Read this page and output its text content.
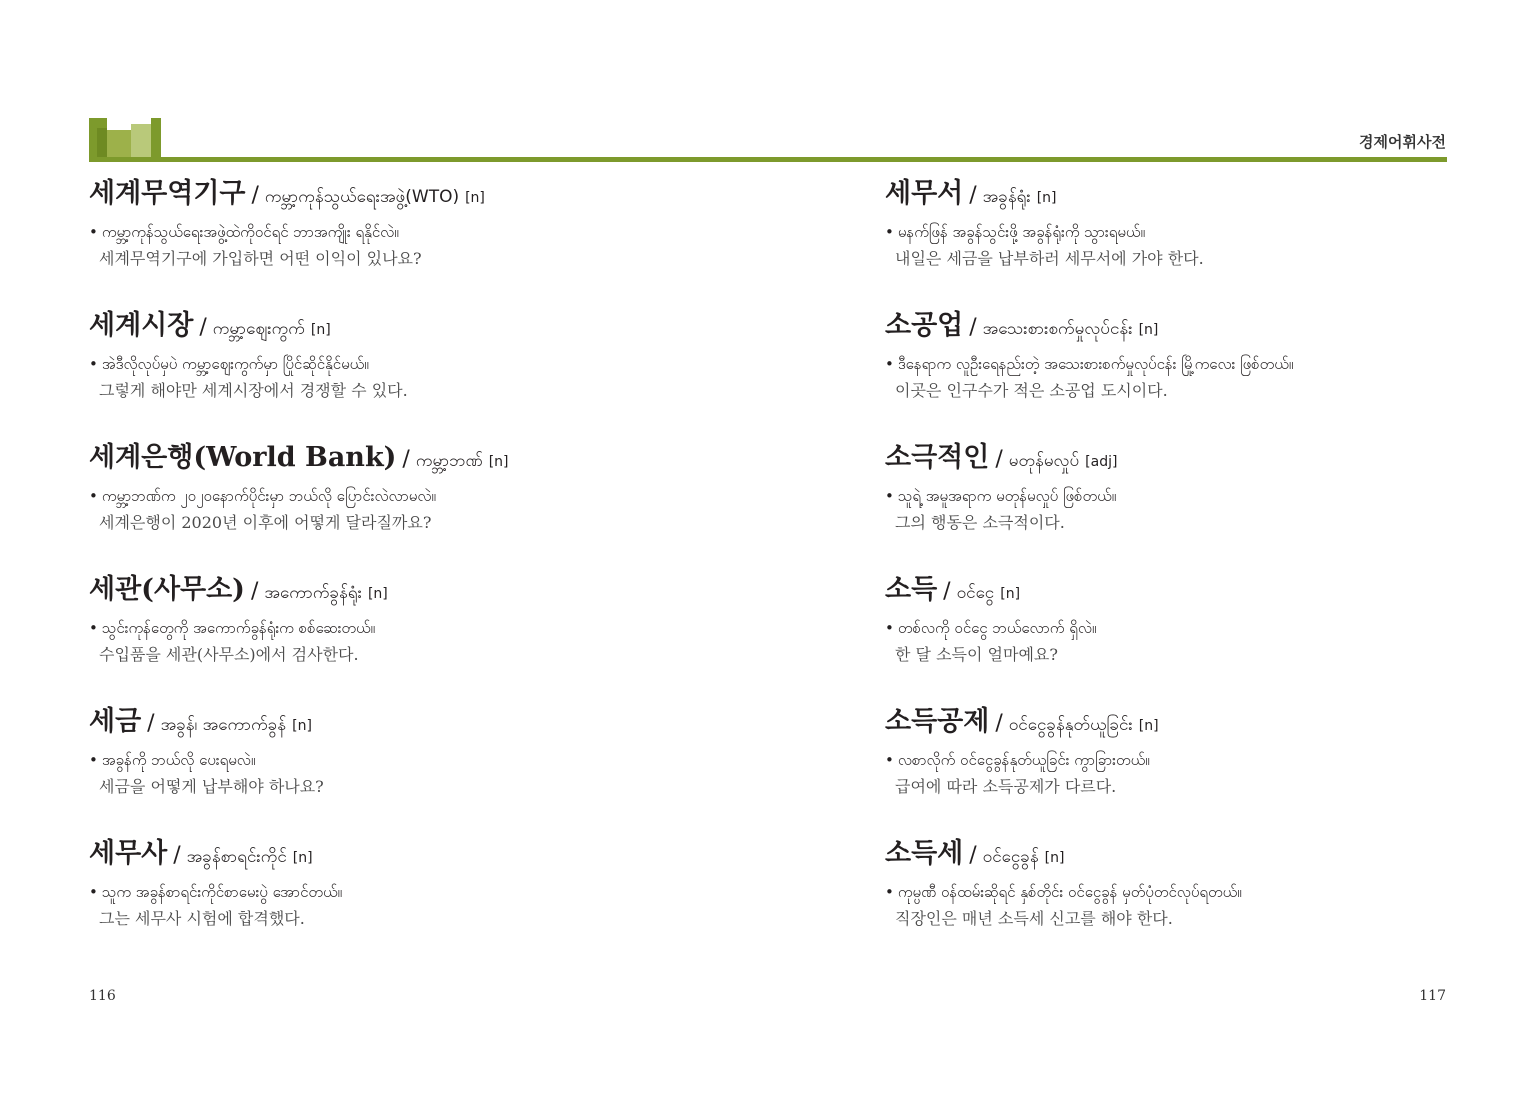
경제어휘사전
세계무역기구 / ကမ္ဘာ့ကုန်သွယ်ရေးအဖွဲ့(WTO) [n]
• ကမ္ဘာ့ကုန်သွယ်ရေးအဖွဲ့ထဲကိုဝင်ရင် ဘာအကျိုး ရနိုင်လဲ။
세계무역기구에 가입하면 어떤 이익이 있나요?
세계시장 / ကမ္ဘာ့ဈေးကွက် [n]
• အဲဒီလိုလုပ်မှပဲ ကမ္ဘာ့ဈေးကွက်မှာ ပြိုင်ဆိုင်နိုင်မယ်။
그렇게 해야만 세계시장에서 경쟁할 수 있다.
세계은행(World Bank) / ကမ္ဘာ့ဘဏ် [n]
• ကမ္ဘာ့ဘဏ်က ၂၀၂၀နောက်ပိုင်းမှာ ဘယ်လို ပြောင်းလဲလာမလဲ။
세계은행이 2020년 이후에 어떻게 달라질까요?
세관(사무소) / အကောက်ခွန်ရုံး [n]
• သွင်းကုန်တွေကို အကောက်ခွန်ရုံးက စစ်ဆေးတယ်။
수입품을 세관(사무소)에서 검사한다.
세금 / အခွန်၊ အကောက်ခွန် [n]
• အခွန်ကို ဘယ်လို ပေးရမလဲ။
세금을 어떻게 납부해야 하나요?
세무사 / အခွန်စာရင်းကိုင် [n]
• သူက အခွန်စာရင်းကိုင်စာမေးပွဲ အောင်တယ်။
그는 세무사 시험에 합격했다.
세무서 / အခွန်ရုံး [n]
• မနက်ဖြန် အခွန်သွင်းဖို့ အခွန်ရုံးကို သွားရမယ်။
내일은 세금을 납부하러 세무서에 가야 한다.
소공업 / အသေးစားစက်မှုလုပ်ငန်း [n]
• ဒီနေရာက လူဦးရေနည်းတဲ့ အသေးစားစက်မှုလုပ်ငန်း မြို့ကလေး ဖြစ်တယ်။
이곳은 인구수가 적은 소공업 도시이다.
소극적인 / မတုန်မလှုပ် [adj]
• သူရဲ့ အမူအရာက မတုန်မလှုပ် ဖြစ်တယ်။
그의 행동은 소극적이다.
소득 / ဝင်ငွေ [n]
• တစ်လကို ဝင်ငွေ ဘယ်လောက် ရှိလဲ။
한 달 소득이 얼마예요?
소득공제 / ဝင်ငွေခွန်နုတ်ယူခြင်း [n]
• လစာလိုက် ဝင်ငွေခွန်နုတ်ယူခြင်း ကွာခြားတယ်။
급여에 따라 소득공제가 다르다.
소득세 / ဝင်ငွေခွန် [n]
• ကုမ္ပဏီ ဝန်ထမ်းဆိုရင် နှစ်တိုင်း ဝင်ငွေခွန် မှတ်ပုံတင်လုပ်ရတယ်။
직장인은 매년 소득세 신고를 해야 한다.
116	117
